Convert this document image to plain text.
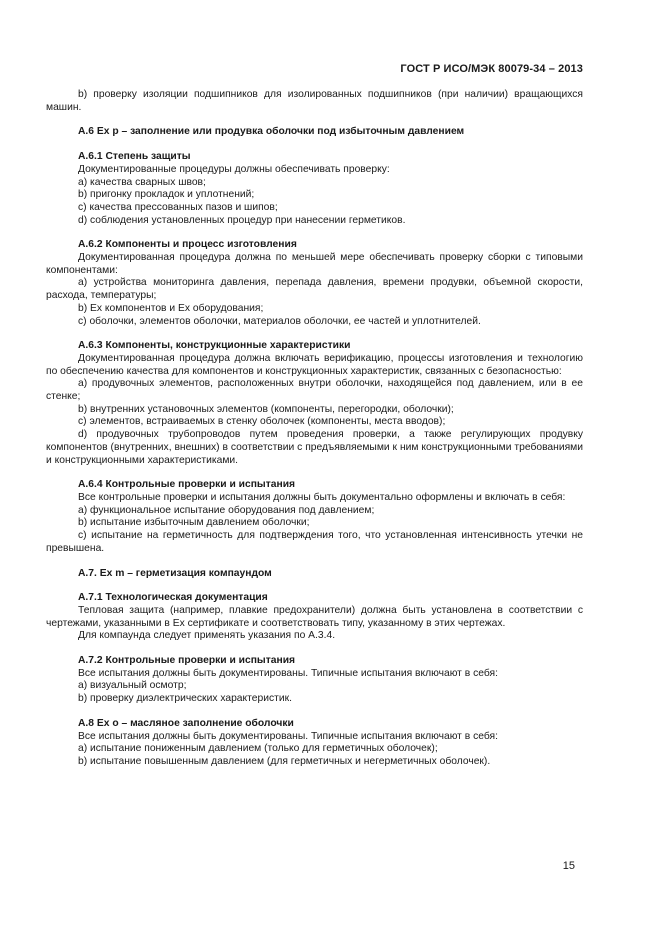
ГОСТ Р ИСО/МЭК 80079-34 – 2013

b) проверку изоляции подшипников для изолированных подшипников (при наличии) вращающихся машин.

А.6 Ex p – заполнение или продувка оболочки под избыточным давлением

А.6.1 Степень защиты

Документированные процедуры должны обеспечивать проверку:

a) качества сварных швов;

b) пригонку прокладок и уплотнений;

c) качества прессованных пазов и шипов;

d) соблюдения установленных процедур при нанесении герметиков.

А.6.2 Компоненты и процесс изготовления

Документированная процедура должна по меньшей мере обеспечивать проверку сборки с типовыми компонентами:

a) устройства мониторинга давления, перепада давления, времени продувки, объемной скорости, расхода, температуры;

b) Ex компонентов и Ex оборудования;

c) оболочки, элементов оболочки, материалов оболочки, ее частей и уплотнителей.

А.6.3 Компоненты, конструкционные характеристики

Документированная процедура должна включать верификацию, процессы изготовления и технологию по обеспечению качества для компонентов и конструкционных характеристик, связанных с безопасностью:

a) продувочных элементов, расположенных внутри оболочки, находящейся под давлением, или в ее стенке;

b) внутренних установочных элементов (компоненты, перегородки, оболочки);

c) элементов, встраиваемых в стенку оболочек (компоненты, места вводов);

d) продувочных трубопроводов путем проведения проверки, а также регулирующих продувку компонентов (внутренних, внешних) в соответствии с предъявляемыми к ним конструкционными требованиями и конструкционными характеристиками.

А.6.4 Контрольные проверки и испытания

Все контрольные проверки и испытания должны быть документально оформлены и включать в себя:

a) функциональное испытание оборудования под давлением;

b) испытание избыточным давлением оболочки;

c) испытание на герметичность для подтверждения того, что установленная интенсивность утечки не превышена.

А.7. Ex m – герметизация компаундом

А.7.1 Технологическая документация

Тепловая защита (например, плавкие предохранители) должна быть установлена в соответствии с чертежами, указанными в Ex сертификате и соответствовать типу, указанному в этих чертежах.

Для компаунда следует применять указания по А.3.4.

А.7.2 Контрольные проверки и испытания

Все испытания должны быть документированы. Типичные испытания включают в себя:

a) визуальный осмотр;

b) проверку диэлектрических характеристик.

А.8 Ex o – масляное заполнение оболочки

Все испытания должны быть документированы. Типичные испытания включают в себя:

a) испытание пониженным давлением (только для герметичных оболочек);

b) испытание повышенным давлением (для герметичных и негерметичных оболочек).

15
